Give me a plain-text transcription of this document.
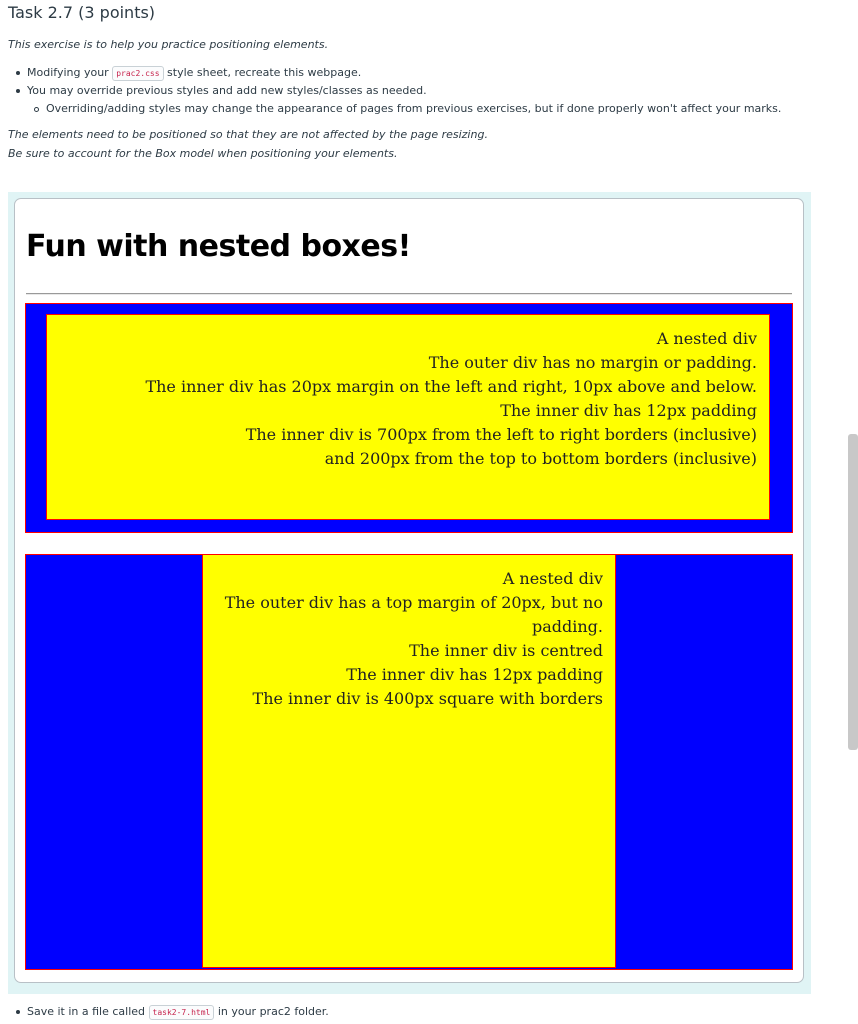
Task 2.7 (3 points)

This exercise is to help you practice positioning elements.

Modifying your prac2.css style sheet, recreate this webpage.
You may override previous styles and add new styles/classes as needed.
Overriding/adding styles may change the appearance of pages from previous exercises, but if done properly won't affect your marks.

The elements need to be positioned so that they are not affected by the page resizing.

Be sure to account for the Box model when positioning your elements.

Fun with nested boxes!
A nested div
The outer div has no margin or padding.
The inner div has 20px margin on the left and right, 10px above and below.
The inner div has 12px padding
The inner div is 700px from the left to right borders (inclusive)
and 200px from the top to bottom borders (inclusive)
A nested div
The outer div has a top margin of 20px, but no padding.
The inner div is centred
The inner div has 12px padding
The inner div is 400px square with borders
Save it in a file called task2-7.html in your prac2 folder.
